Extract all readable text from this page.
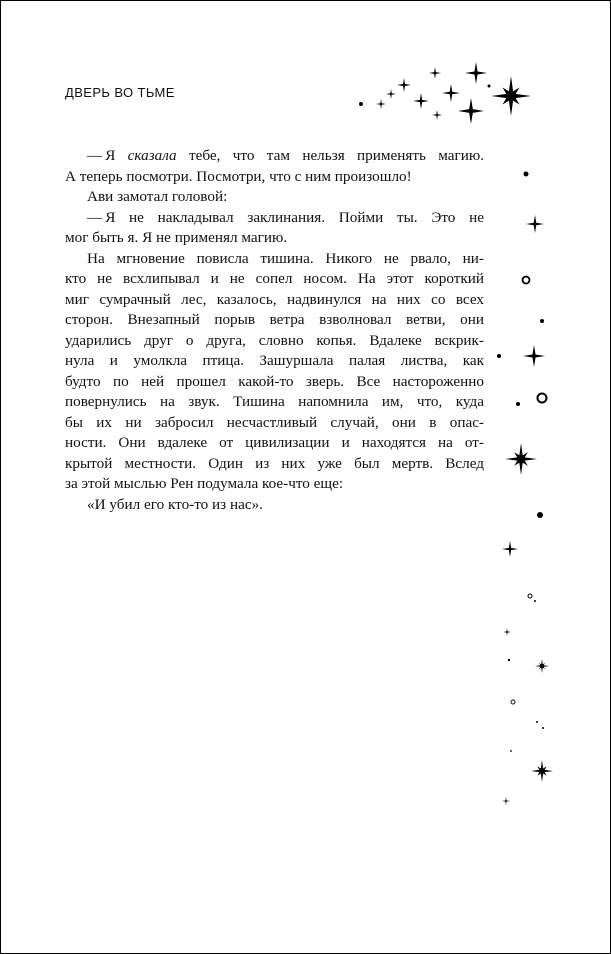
ДВЕРЬ ВО ТЬМЕ
— Я сказала тебе, что там нельзя применять магию.
А теперь посмотри. Посмотри, что с ним произошло!
Ави замотал головой:
— Я не накладывал заклинания. Пойми ты. Это не
мог быть я. Я не применял магию.
На мгновение повисла тишина. Никого не рвало, ни-
кто не всхлипывал и не сопел носом. На этот короткий
миг сумрачный лес, казалось, надвинулся на них со всех
сторон. Внезапный порыв ветра взволновал ветви, они
ударились друг о друга, словно копья. Вдалеке вскрик-
нула и умолкла птица. Зашуршала палая листва, как
будто по ней прошел какой-то зверь. Все настороженно
повернулись на звук. Тишина напомнила им, что, куда
бы их ни забросил несчастливый случай, они в опас-
ности. Они вдалеке от цивилизации и находятся на от-
крытой местности. Один из них уже был мертв. Вслед
за этой мыслью Рен подумала кое-что еще:
«И убил его кто-то из нас».
